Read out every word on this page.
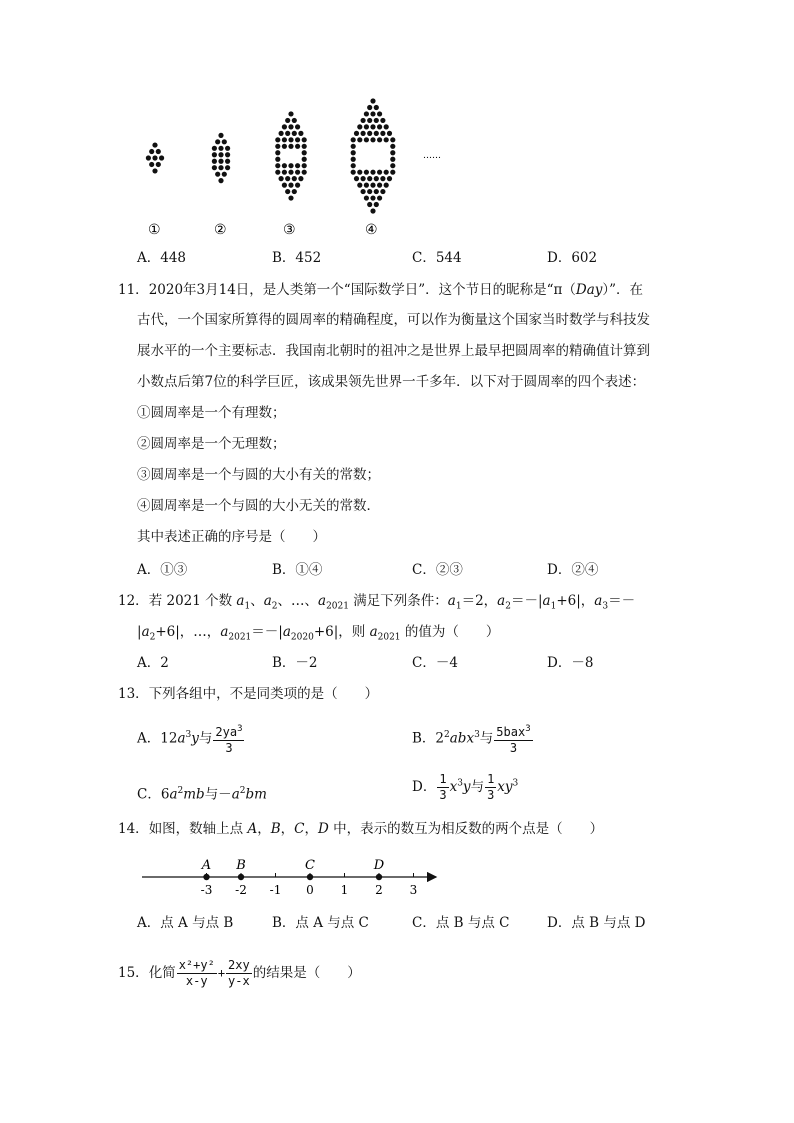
……
①	②	③	④
A．448	B．452	C．544	D．602
11．2020年3月14日，是人类第一个“国际数学日”．这个节日的昵称是“π（Day）”．在
古代，一个国家所算得的圆周率的精确程度，可以作为衡量这个国家当时数学与科技发
展水平的一个主要标志．我国南北朝时的祖冲之是世界上最早把圆周率的精确值计算到
小数点后第7位的科学巨匠，该成果领先世界一千多年．以下对于圆周率的四个表述：
①圆周率是一个有理数；
②圆周率是一个无理数；
③圆周率是一个与圆的大小有关的常数；
④圆周率是一个与圆的大小无关的常数．
其中表述正确的序号是（　　）
A．①③	B．①④	C．②③	D．②④
12．若 2021 个数 $a_1$、$a_2$、…、$a_{2021}$ 满足下列条件：$a_1=2$，$a_2=-|a_1+6|$，$a_3=-$
$|a_2+6|$，…，$a_{2021}=-|a_{2020}+6|$，则 $a_{2021}$ 的值为（　　）
A．2	B．－2	C．－4	D．－8
13．下列各组中，不是同类项的是（　　）
A．$12a^3y$与 $\frac{2ya^3}{3}$	B．$2^2abx^3$与 $\frac{5bax^3}{3}$
C．$6a^2mb$与$-a^2bm$	D． $\frac{1}{3} x^3y$与 $\frac{1}{3} xy^3$
14．如图，数轴上点 A，B，C，D 中，表示的数互为相反数的两个点是（　　）
-3 -2 -1 0 1 2 3
A B	C	D
A．点 A 与点 B	B．点 A 与点 C	C．点 B 与点 C	D．点 B 与点 D
15．化简 $\frac{\text{x²+y²}}{x-y} + \frac{2xy}{y-x}$ 的结果是（　　）
